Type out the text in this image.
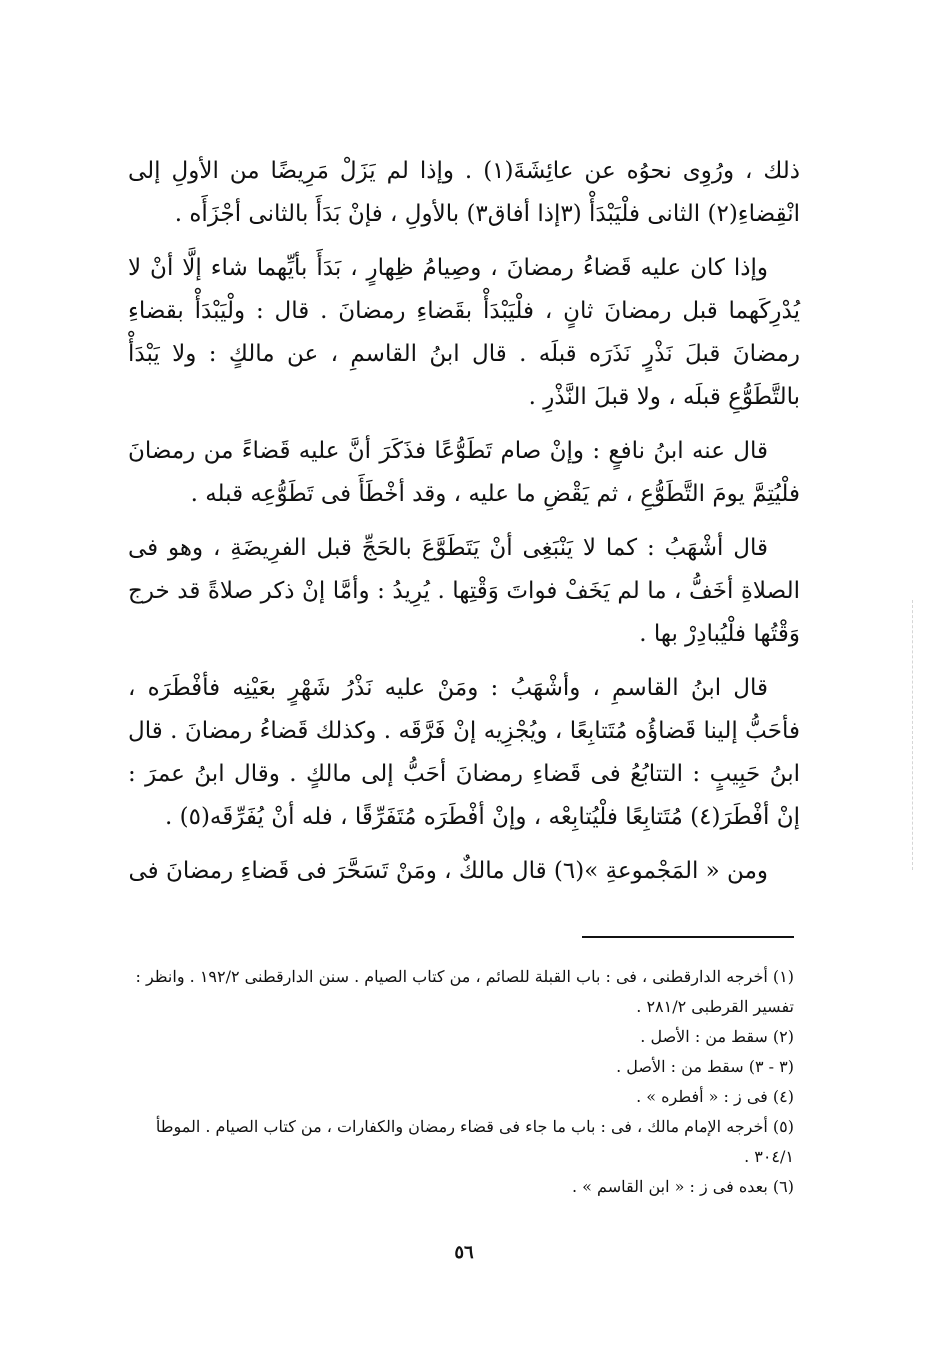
ذلك ، ورُوِى نحوُه عن عائِشَةَ(١) . وإذا لم يَزَلْ مَرِيضًا من الأولِ إلى انْقِضاءِ(٢) الثانى فلْيَبْدَأْ (٣إذا أفاق٣) بالأولِ ، فإنْ بَدَأَ بالثانى أجْزَأَه .

وإذا كان عليه قَضاءُ رمضانَ ، وصِيامُ ظِهارٍ ، بَدَأَ بأيِّهما شاء إلَّا أنْ لا يُدْرِكَهما قبل رمضانَ ثانٍ ، فلْيَبْدَأْ بقَضاءِ رمضانَ . قال : ولْيَبْدَأْ بقضاءِ رمضانَ قبلَ نَذْرٍ نَذَرَه قبلَه . قال ابنُ القاسمِ ، عن مالكٍ : ولا يَبْدَأْ بالتَّطَوُّعِ قبلَه ، ولا قبلَ النَّذْرِ .

قال عنه ابنُ نافعٍ : وإنْ صام تَطَوُّعًا فذَكَرَ أنَّ عليه قَضاءً من رمضانَ فلْيُتِمَّ يومَ التَّطَوُّعِ ، ثم يَقْضِ ما عليه ، وقد أخْطَأَ فى تَطَوُّعِه قبله .

قال أشْهَبُ : كما لا يَنْبَغِى أنْ يَتَطَوَّعَ بالحَجِّ قبل الفرِيضَةِ ، وهو فى الصلاةِ أخَفُّ ، ما لم يَخَفْ فواتَ وَقْتِها . يُرِيدُ : وأمَّا إنْ ذكر صلاةً قد خرج وَقْتُها فلْيُبادِرْ بها .

قال ابنُ القاسمِ ، وأشْهَبُ : ومَنْ عليه نَذْرُ شَهْرٍ بعَيْنِه فأفْطَرَه ، فأحَبُّ إلينا قَضاؤُه مُتَتابِعًا ، ويُجْزِيه إنْ فَرَّقَه . وكذلك قَضاءُ رمضانَ . قال ابنُ حَبِيبٍ : التتابُعُ فى قَضاءِ رمضانَ أحَبُّ إلى مالكٍ . وقال ابنُ عمرَ : إنْ أفْطَرَ(٤) مُتَتابِعًا فلْيُتابِعْه ، وإنْ أفْطَرَه مُتَفَرِّقًا ، فله أنْ يُفَرِّقَه(٥) .

ومن « المَجْموعةِ »(٦) قال مالكٌ ، ومَنْ تَسَحَّرَ فى قَضاءِ رمضانَ فى

(١) أخرجه الدارقطنى ، فى : باب القبلة للصائم ، من كتاب الصيام . سنن الدارقطنى ١٩٢/٢ . وانظر : تفسير القرطبى ٢٨١/٢ .

(٢) سقط من : الأصل .

(٣ - ٣) سقط من : الأصل .

(٤) فى ز : « أفطره » .

(٥) أخرجه الإمام مالك ، فى : باب ما جاء فى قضاء رمضان والكفارات ، من كتاب الصيام . الموطأ ٣٠٤/١ .

(٦) بعده فى ز : « ابن القاسم » .

٥٦
